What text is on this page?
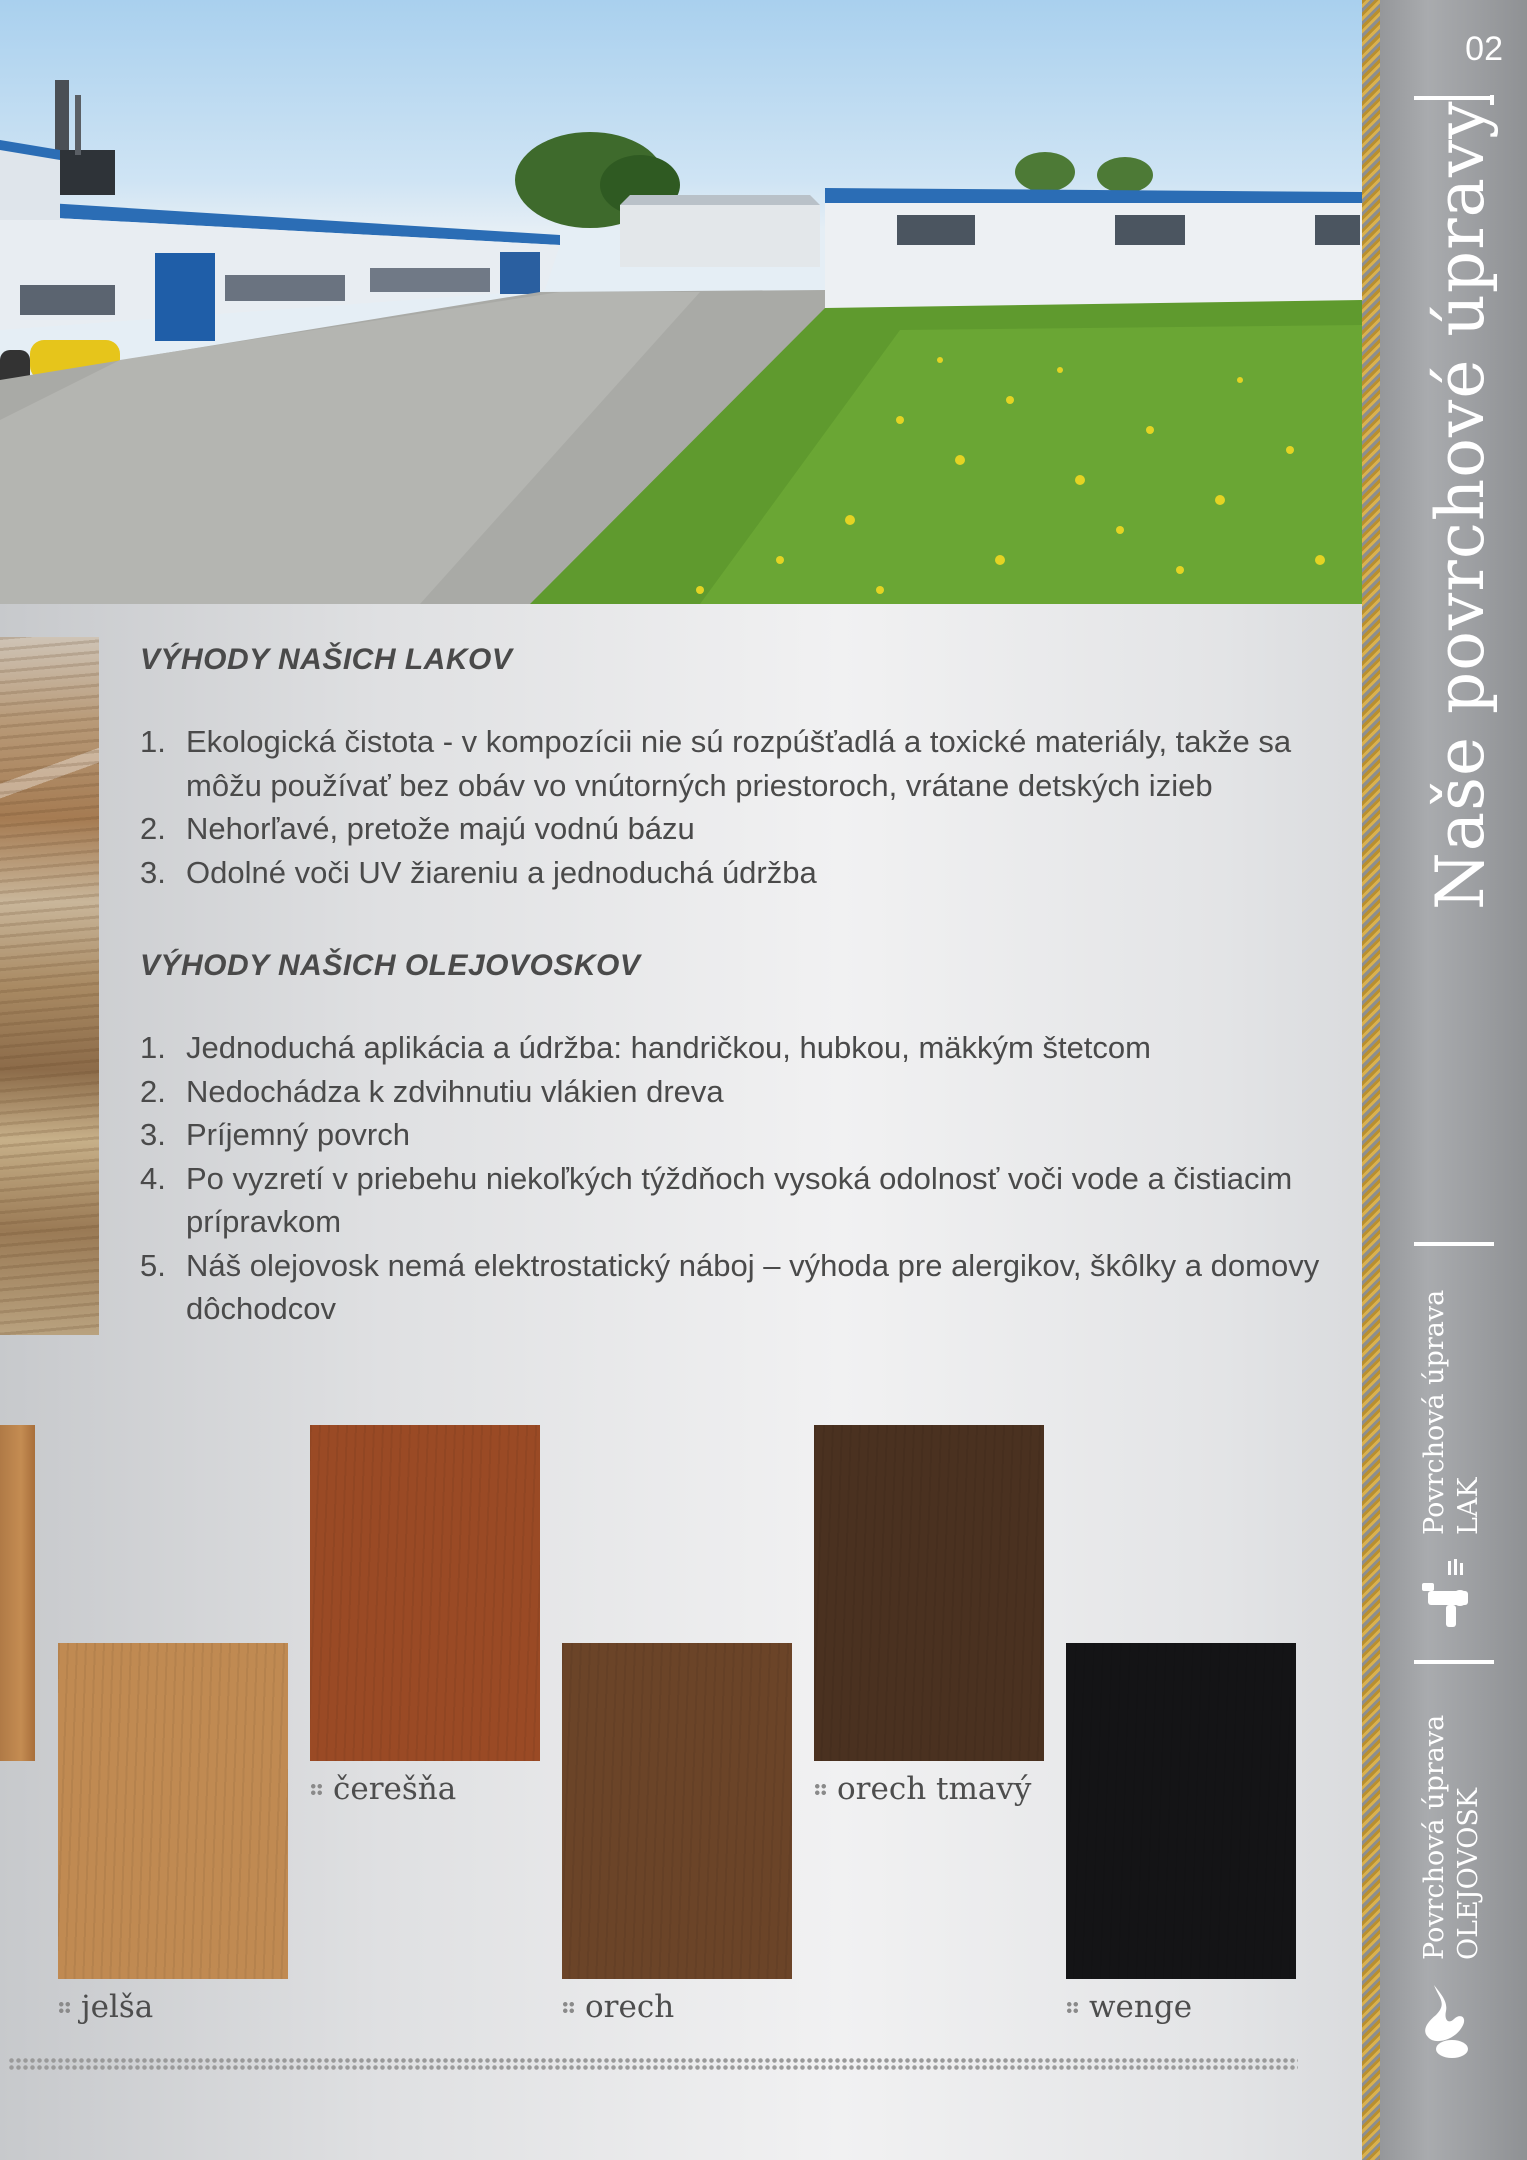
VÝHODY NAŠICH LAKOV
1. Ekologická čistota - v kompozícii nie sú rozpúšťadlá a toxické materiály, takže sa môžu používať bez obáv vo vnútorných priestoroch, vrátane detských izieb
2. Nehorľavé, pretože majú vodnú bázu
3. Odolné voči UV žiareniu a jednoduchá údržba
VÝHODY NAŠICH OLEJOVOSKOV
1. Jednoduchá aplikácia a údržba: handričkou, hubkou, mäkkým štetcom
2. Nedochádza k zdvihnutiu vlákien dreva
3. Príjemný povrch
4. Po vyzretí v priebehu niekoľkých týždňoch vysoká odolnosť voči vode a čistiacim prípravkom
5. Náš olejovosk nemá elektrostatický náboj – výhoda pre alergikov, škôlky a domovy dôchodcov
jelša
čerešňa
orech
orech tmavý
wenge
02
Naše povrchové úpravy
Povrchová úprava LAK
Povrchová úprava OLEJOVOSK
